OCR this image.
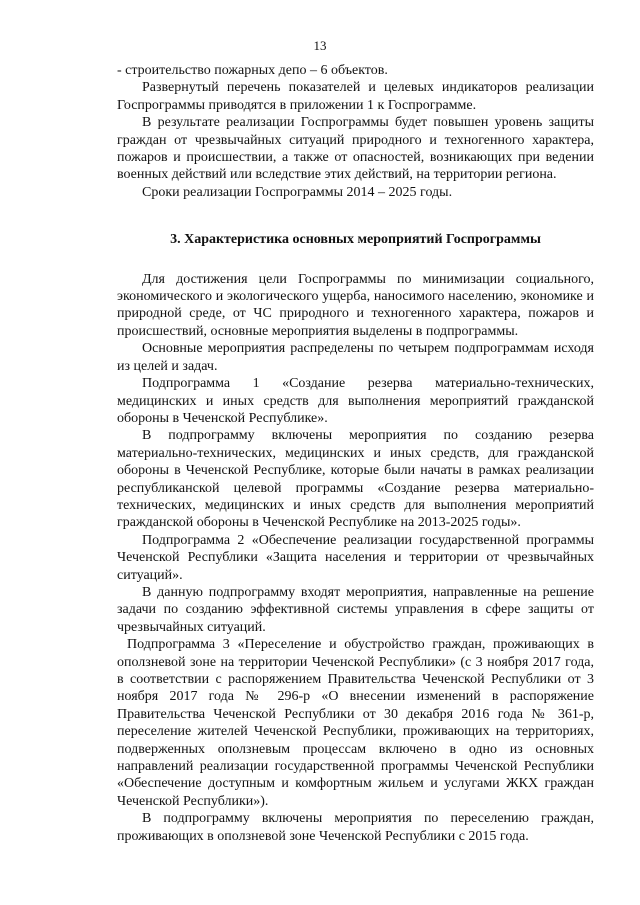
13

- строительство пожарных депо – 6 объектов.

Развернутый перечень показателей и целевых индикаторов реализации Госпрограммы приводятся в приложении 1 к Госпрограмме.

В результате реализации Госпрограммы будет повышен уровень защиты граждан от чрезвычайных ситуаций природного и техногенного характера, пожаров и происшествии, а также от опасностей, возникающих при ведении военных действий или вследствие этих действий, на территории региона.

Сроки реализации Госпрограммы 2014 – 2025 годы.

3. Характеристика основных мероприятий Госпрограммы

Для достижения цели Госпрограммы по минимизации социального, экономического и экологического ущерба, наносимого населению, экономике и природной среде, от ЧС природного и техногенного характера, пожаров и происшествий, основные мероприятия выделены в подпрограммы.

Основные мероприятия распределены по четырем подпрограммам исходя из целей и задач.

Подпрограмма 1 «Создание резерва материально-технических, медицинских и иных средств для выполнения мероприятий гражданской обороны в Чеченской Республике».

В подпрограмму включены мероприятия по созданию резерва материально-технических, медицинских и иных средств, для гражданской обороны в Чеченской Республике, которые были начаты в рамках реализации республиканской целевой программы «Создание резерва материально-технических, медицинских и иных средств для выполнения мероприятий гражданской обороны в Чеченской Республике на 2013-2025 годы».

Подпрограмма 2 «Обеспечение реализации государственной программы Чеченской Республики «Защита населения и территории от чрезвычайных ситуаций».

В данную подпрограмму входят мероприятия, направленные на решение задачи по созданию эффективной системы управления в сфере защиты от чрезвычайных ситуаций.

Подпрограмма 3 «Переселение и обустройство граждан, проживающих в оползневой зоне на территории Чеченской Республики» (с 3 ноября 2017 года, в соответствии с распоряжением Правительства Чеченской Республики от 3 ноября 2017 года № 296-р «О внесении изменений в распоряжение Правительства Чеченской Республики от 30 декабря 2016 года № 361-р, переселение жителей Чеченской Республики, проживающих на территориях, подверженных оползневым процессам включено в одно из основных направлений реализации государственной программы Чеченской Республики «Обеспечение доступным и комфортным жильем и услугами ЖКХ граждан Чеченской Республики»).

В подпрограмму включены мероприятия по переселению граждан, проживающих в оползневой зоне Чеченской Республики с 2015 года.
